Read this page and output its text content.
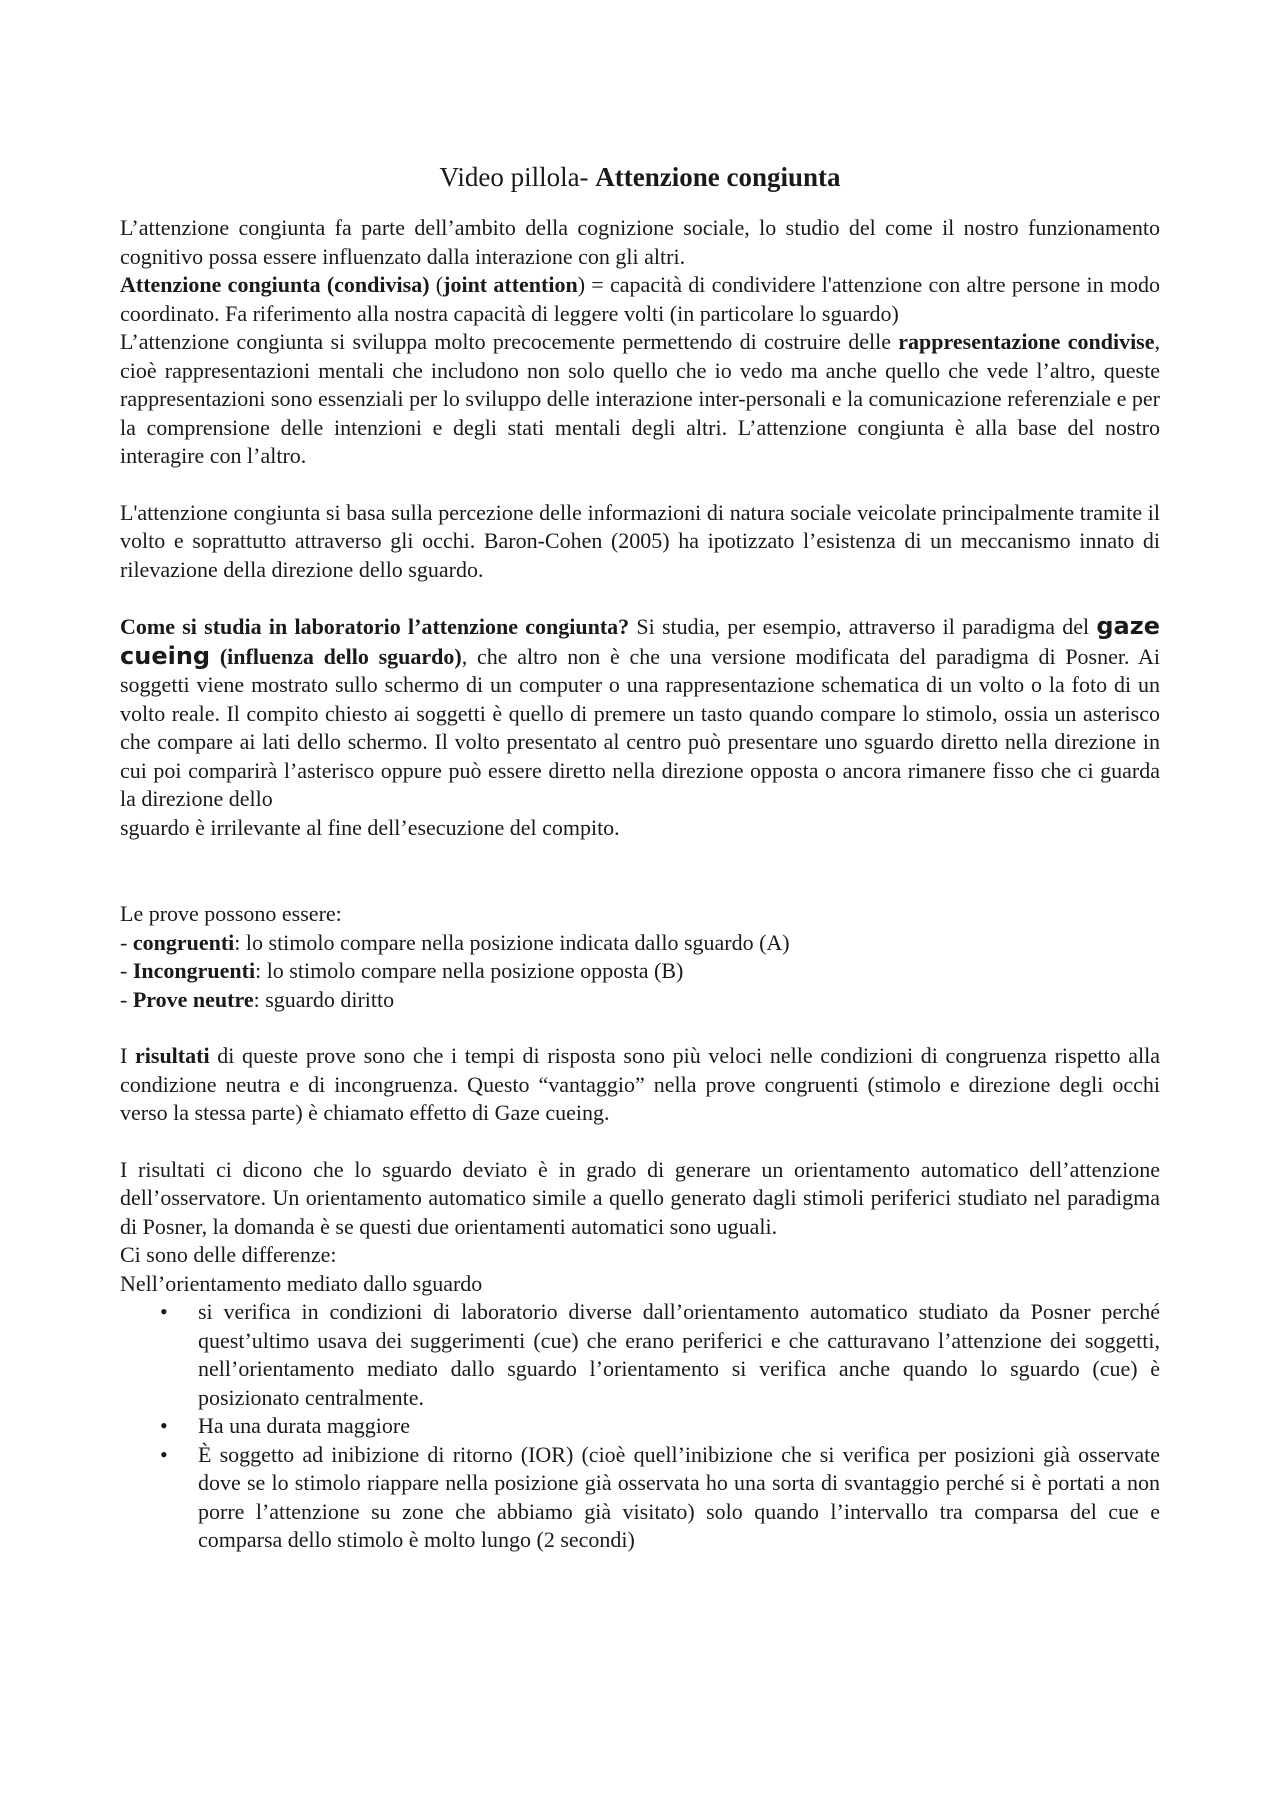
Video pillola- Attenzione congiunta

L’attenzione congiunta fa parte dell’ambito della cognizione sociale, lo studio del come il nostro funzionamento cognitivo possa essere influenzato dalla interazione con gli altri.

Attenzione congiunta (condivisa) (joint attention) = capacità di condividere l'attenzione con altre persone in modo coordinato. Fa riferimento alla nostra capacità di leggere volti (in particolare lo sguardo)

L’attenzione congiunta si sviluppa molto precocemente permettendo di costruire delle rappresentazione condivise, cioè rappresentazioni mentali che includono non solo quello che io vedo ma anche quello che vede l’altro, queste rappresentazioni sono essenziali per lo sviluppo delle interazione inter-personali e la comunicazione referenziale e per la comprensione delle intenzioni e degli stati mentali degli altri. L’attenzione congiunta è alla base del nostro interagire con l’altro.

L'attenzione congiunta si basa sulla percezione delle informazioni di natura sociale veicolate principalmente tramite il volto e soprattutto attraverso gli occhi. Baron-Cohen (2005) ha ipotizzato l’esistenza di un meccanismo innato di rilevazione della direzione dello sguardo.

Come si studia in laboratorio l’attenzione congiunta? Si studia, per esempio, attraverso il paradigma del gaze cueing (influenza dello sguardo), che altro non è che una versione modificata del paradigma di Posner. Ai soggetti viene mostrato sullo schermo di un computer o una rappresentazione schematica di un volto o la foto di un volto reale. Il compito chiesto ai soggetti è quello di premere un tasto quando compare lo stimolo, ossia un asterisco che compare ai lati dello schermo. Il volto presentato al centro può presentare uno sguardo diretto nella direzione in cui poi comparirà l’asterisco oppure può essere diretto nella direzione opposta o ancora rimanere fisso che ci guarda la direzione dello

sguardo è irrilevante al fine dell’esecuzione del compito.

Le prove possono essere:

- congruenti: lo stimolo compare nella posizione indicata dallo sguardo (A)

- Incongruenti: lo stimolo compare nella posizione opposta (B)

- Prove neutre: sguardo diritto

I risultati di queste prove sono che i tempi di risposta sono più veloci nelle condizioni di congruenza rispetto alla condizione neutra e di incongruenza. Questo “vantaggio” nella prove congruenti (stimolo e direzione degli occhi verso la stessa parte) è chiamato effetto di Gaze cueing.

I risultati ci dicono che lo sguardo deviato è in grado di generare un orientamento automatico dell’attenzione dell’osservatore. Un orientamento automatico simile a quello generato dagli stimoli periferici studiato nel paradigma di Posner, la domanda è se questi due orientamenti automatici sono uguali.

Ci sono delle differenze:

Nell’orientamento mediato dallo sguardo

• si verifica in condizioni di laboratorio diverse dall’orientamento automatico studiato da Posner perché quest’ultimo usava dei suggerimenti (cue) che erano periferici e che catturavano l’attenzione dei soggetti, nell’orientamento mediato dallo sguardo l’orientamento si verifica anche quando lo sguardo (cue) è posizionato centralmente.
• Ha una durata maggiore
• È soggetto ad inibizione di ritorno (IOR) (cioè quell’inibizione che si verifica per posizioni già osservate dove se lo stimolo riappare nella posizione già osservata ho una sorta di svantaggio perché si è portati a non porre l’attenzione su zone che abbiamo già visitato) solo quando l’intervallo tra comparsa del cue e comparsa dello stimolo è molto lungo (2 secondi)
